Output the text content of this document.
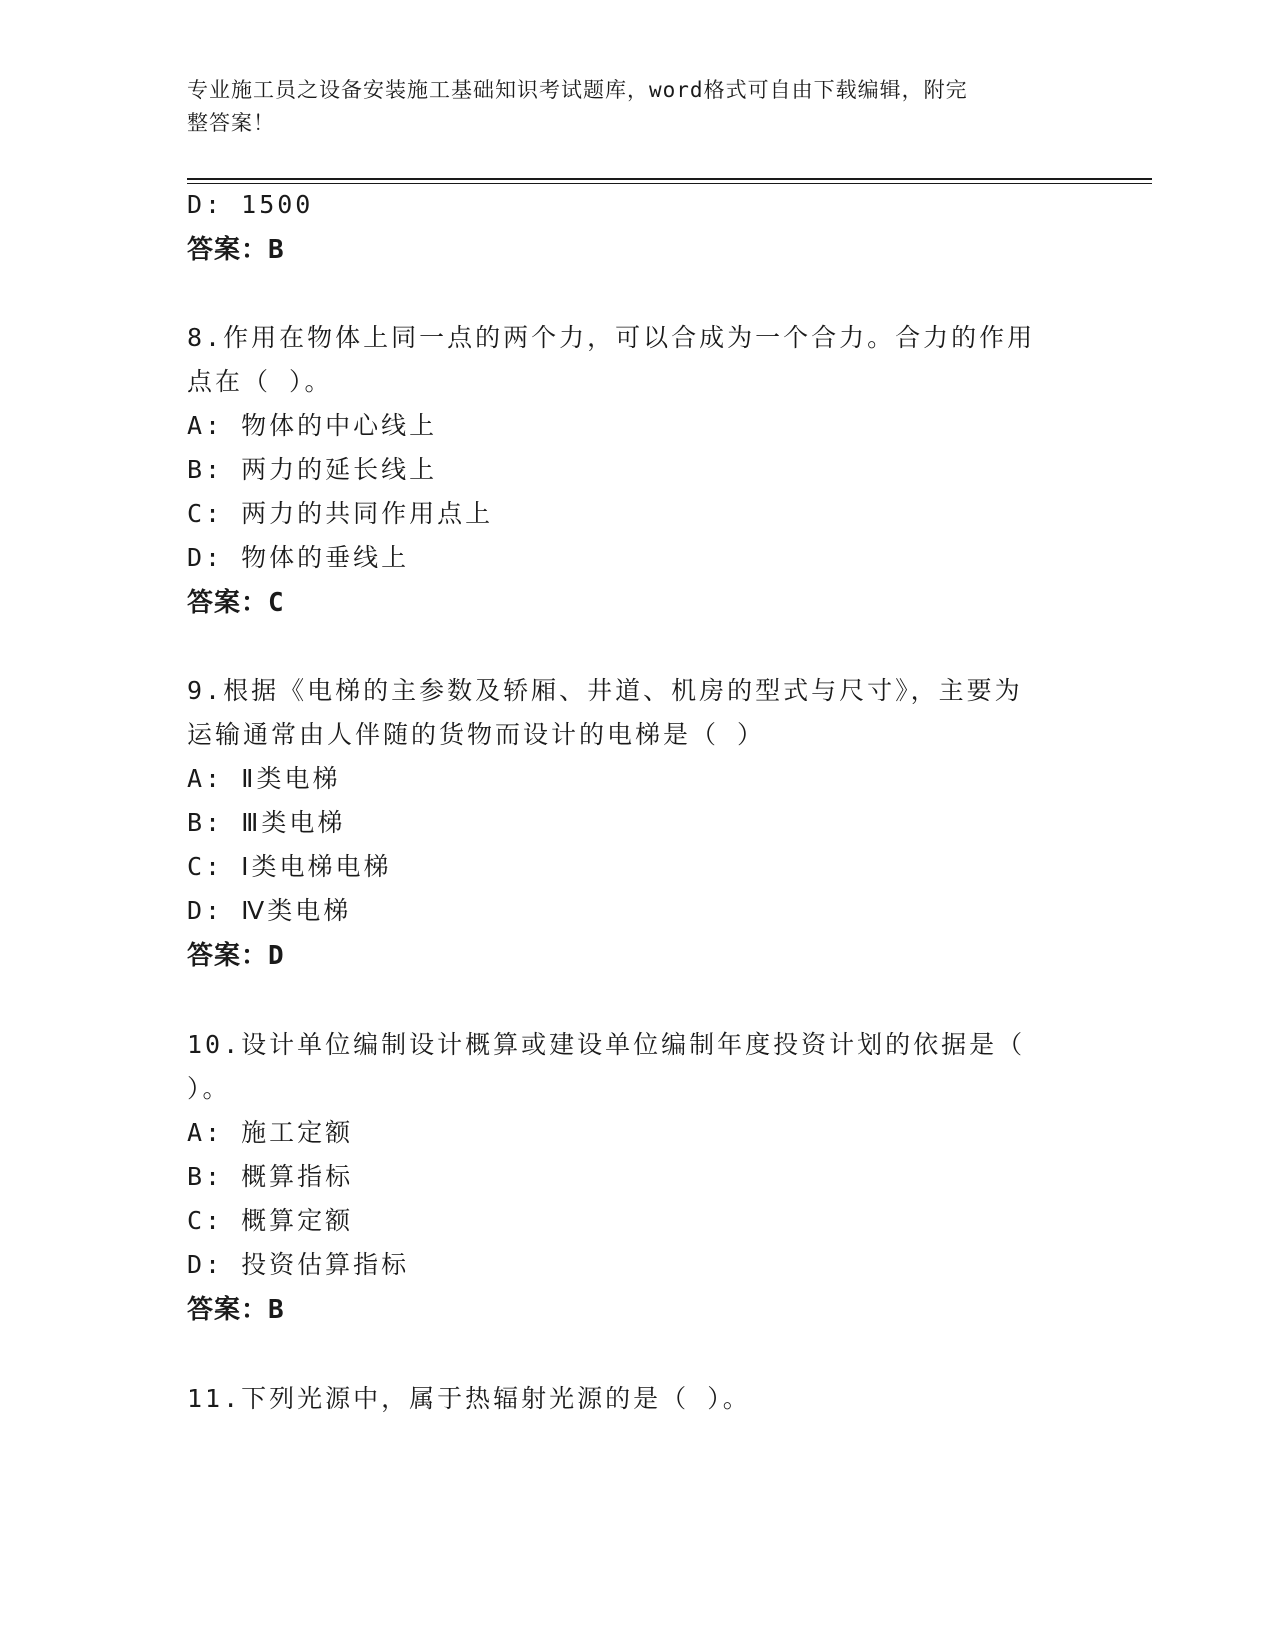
专业施工员之设备安装施工基础知识考试题库，word格式可自由下载编辑，附完
整答案！
D: 1500
答案：B
8.作用在物体上同一点的两个力，可以合成为一个合力。合力的作用
点在（ ）。
A: 物体的中心线上
B: 两力的延长线上
C: 两力的共同作用点上
D: 物体的垂线上
答案：C
9.根据《电梯的主参数及轿厢、井道、机房的型式与尺寸》，主要为
运输通常由人伴随的货物而设计的电梯是（ ）
A: Ⅱ类电梯
B: Ⅲ类电梯
C: Ⅰ类电梯电梯
D: Ⅳ类电梯
答案：D
10.设计单位编制设计概算或建设单位编制年度投资计划的依据是（
）。
A: 施工定额
B: 概算指标
C: 概算定额
D: 投资估算指标
答案：B
11.下列光源中，属于热辐射光源的是（ ）。
